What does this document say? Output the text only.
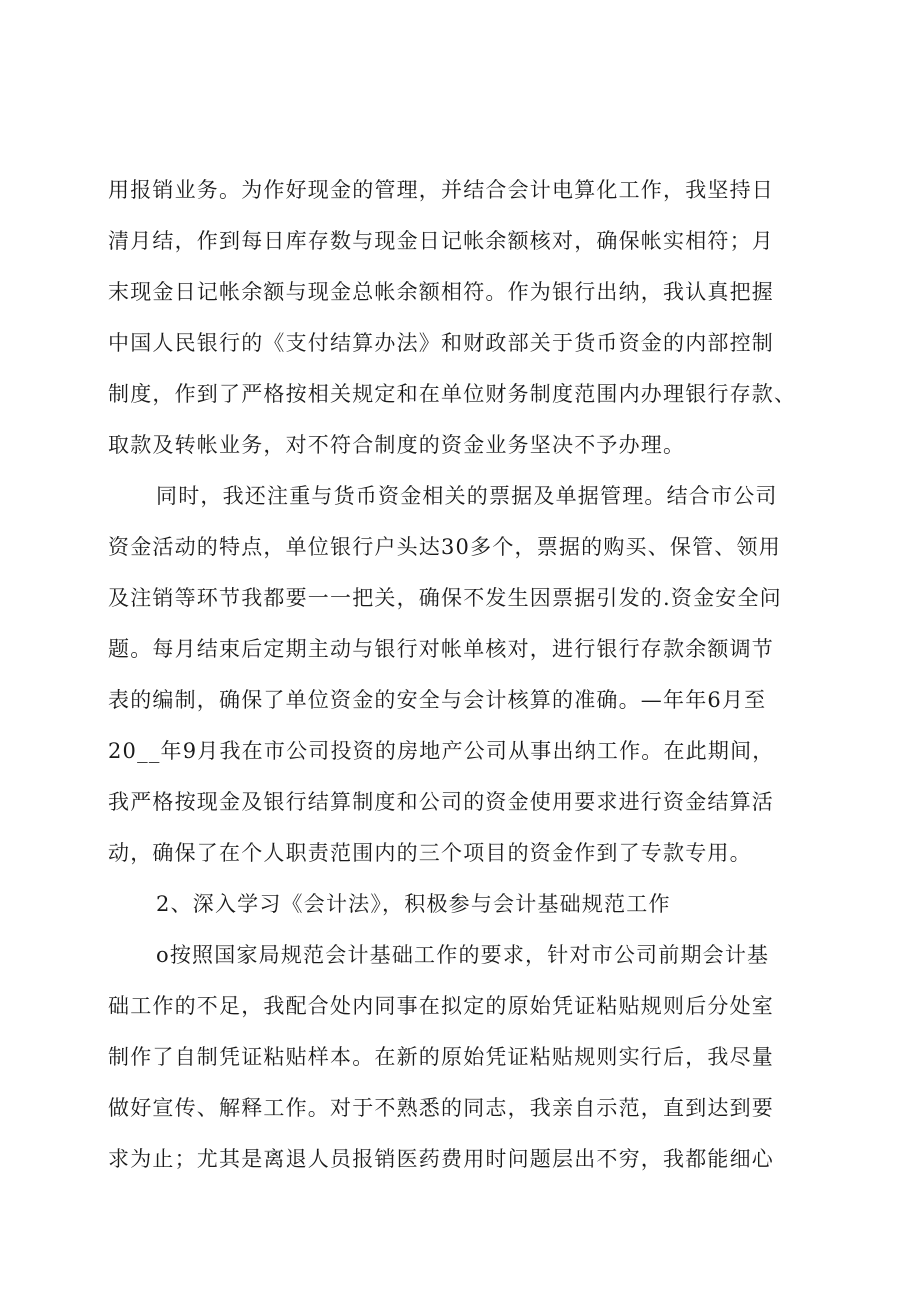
用报销业务。为作好现金的管理，并结合会计电算化工作，我坚持日
清月结，作到每日库存数与现金日记帐余额核对，确保帐实相符；月
末现金日记帐余额与现金总帐余额相符。作为银行出纳，我认真把握
中国人民银行的《支付结算办法》和财政部关于货币资金的内部控制
制度，作到了严格按相关规定和在单位财务制度范围内办理银行存款、
取款及转帐业务，对不符合制度的资金业务坚决不予办理。
同时，我还注重与货币资金相关的票据及单据管理。结合市公司
资金活动的特点，单位银行户头达30多个，票据的购买、保管、领用
及注销等环节我都要一一把关，确保不发生因票据引发的.资金安全问
题。每月结束后定期主动与银行对帐单核对，进行银行存款余额调节
表的编制，确保了单位资金的安全与会计核算的准确。—年年6月至
20__年9月我在市公司投资的房地产公司从事出纳工作。在此期间，
我严格按现金及银行结算制度和公司的资金使用要求进行资金结算活
动，确保了在个人职责范围内的三个项目的资金作到了专款专用。
2、深入学习《会计法》，积极参与会计基础规范工作
o按照国家局规范会计基础工作的要求，针对市公司前期会计基
础工作的不足，我配合处内同事在拟定的原始凭证粘贴规则后分处室
制作了自制凭证粘贴样本。在新的原始凭证粘贴规则实行后，我尽量
做好宣传、解释工作。对于不熟悉的同志，我亲自示范，直到达到要
求为止；尤其是离退人员报销医药费用时问题层出不穷，我都能细心
